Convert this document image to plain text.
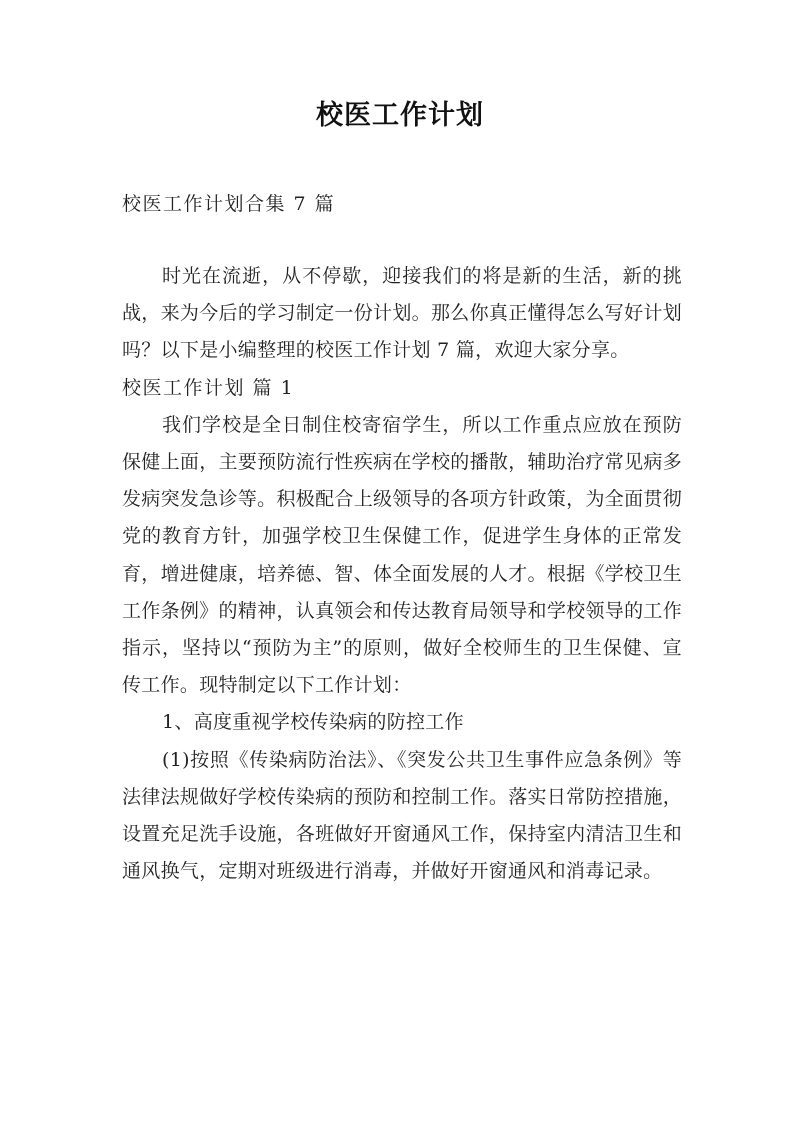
校医工作计划
校医工作计划合集 7 篇

时光在流逝，从不停歇，迎接我们的将是新的生活，新的挑战，来为今后的学习制定一份计划。那么你真正懂得怎么写好计划吗？以下是小编整理的校医工作计划 7 篇，欢迎大家分享。

校医工作计划 篇 1

我们学校是全日制住校寄宿学生，所以工作重点应放在预防保健上面，主要预防流行性疾病在学校的播散，辅助治疗常见病多发病突发急诊等。积极配合上级领导的各项方针政策，为全面贯彻党的教育方针，加强学校卫生保健工作，促进学生身体的正常发育，增进健康，培养德、智、体全面发展的人才。根据《学校卫生工作条例》的精神，认真领会和传达教育局领导和学校领导的工作指示，坚持以“预防为主”的原则，做好全校师生的卫生保健、宣传工作。现特制定以下工作计划：

1、高度重视学校传染病的防控工作

(1)按照《传染病防治法》、《突发公共卫生事件应急条例》等法律法规做好学校传染病的预防和控制工作。落实日常防控措施，设置充足洗手设施，各班做好开窗通风工作，保持室内清洁卫生和通风换气，定期对班级进行消毒，并做好开窗通风和消毒记录。
